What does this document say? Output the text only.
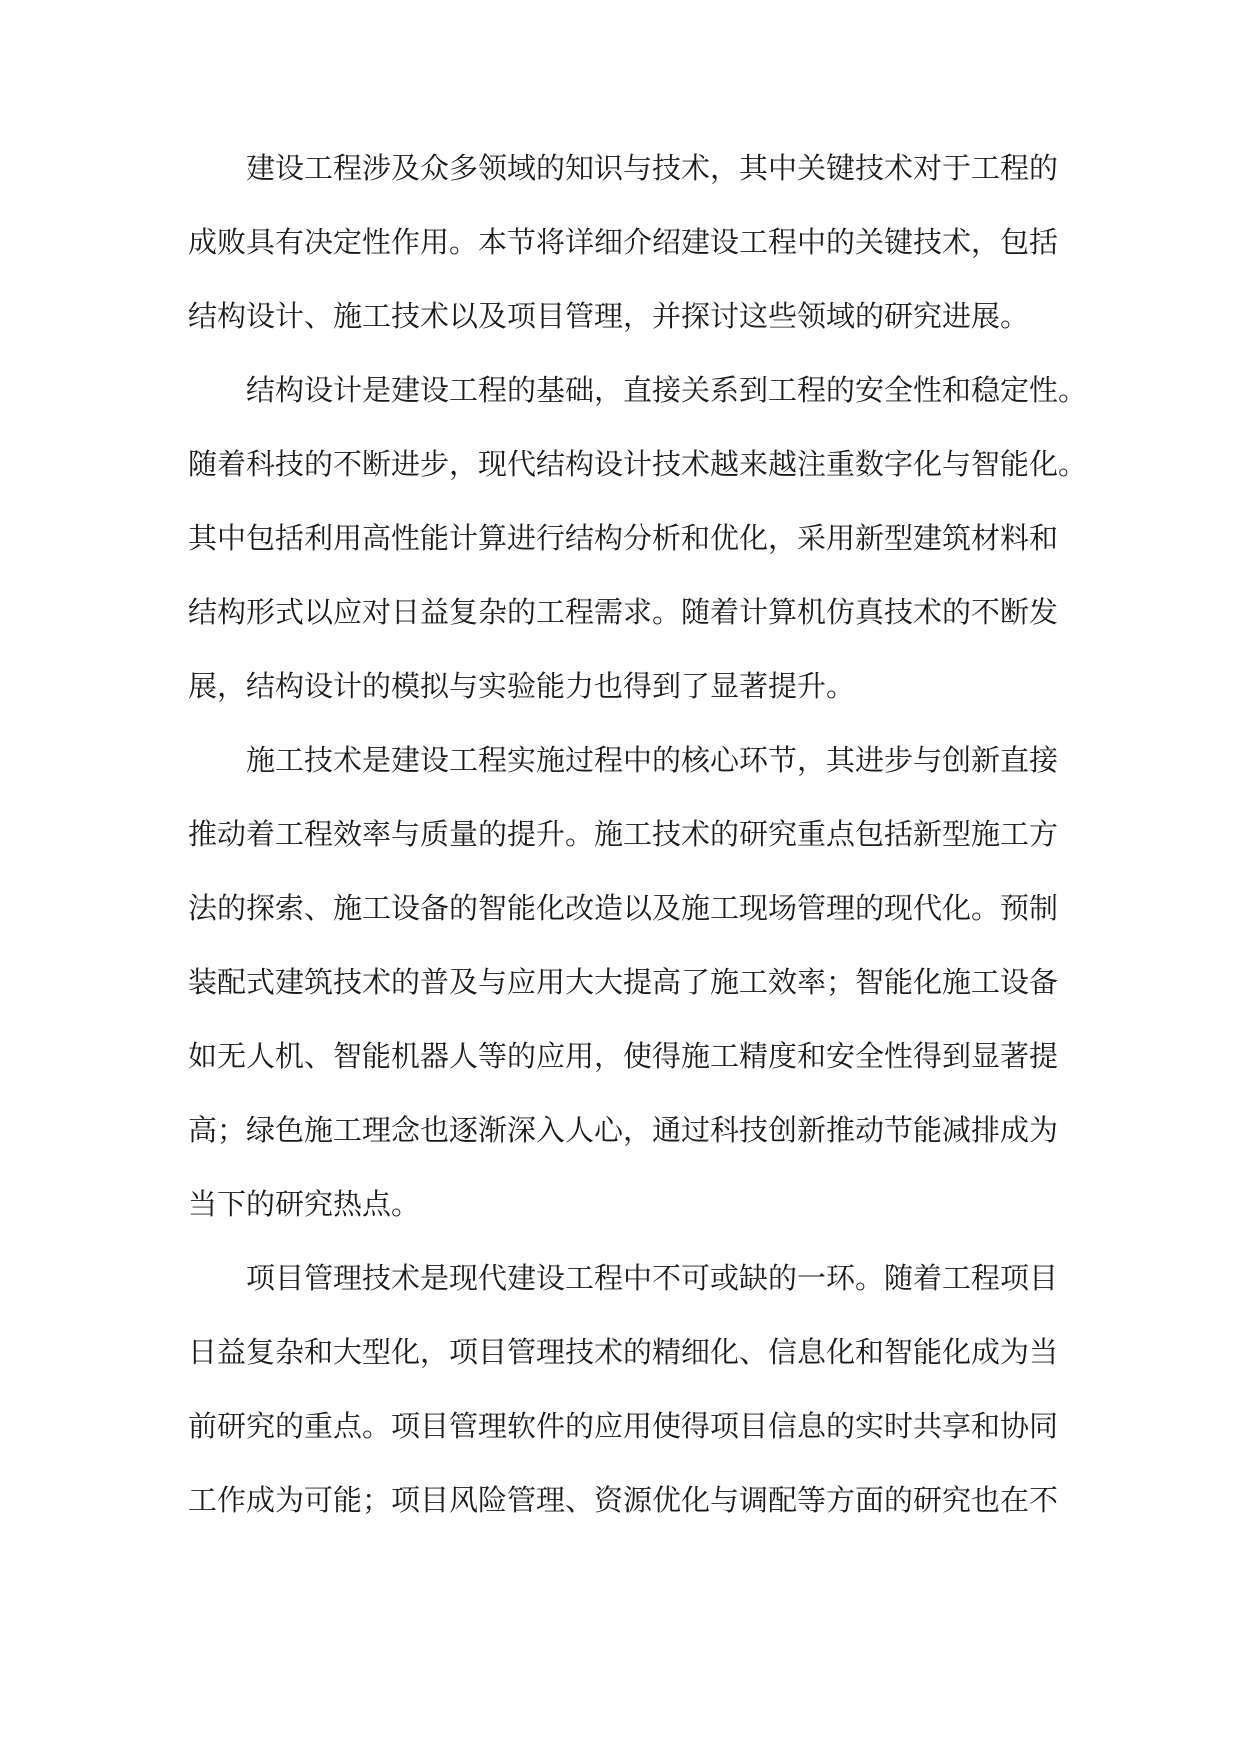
建设工程涉及众多领域的知识与技术，其中关键技术对于工程的
成败具有决定性作用。本节将详细介绍建设工程中的关键技术，包括
结构设计、施工技术以及项目管理，并探讨这些领域的研究进展。
结构设计是建设工程的基础，直接关系到工程的安全性和稳定性。
随着科技的不断进步，现代结构设计技术越来越注重数字化与智能化。
其中包括利用高性能计算进行结构分析和优化，采用新型建筑材料和
结构形式以应对日益复杂的工程需求。随着计算机仿真技术的不断发
展，结构设计的模拟与实验能力也得到了显著提升。
施工技术是建设工程实施过程中的核心环节，其进步与创新直接
推动着工程效率与质量的提升。施工技术的研究重点包括新型施工方
法的探索、施工设备的智能化改造以及施工现场管理的现代化。预制
装配式建筑技术的普及与应用大大提高了施工效率；智能化施工设备
如无人机、智能机器人等的应用，使得施工精度和安全性得到显著提
高；绿色施工理念也逐渐深入人心，通过科技创新推动节能减排成为
当下的研究热点。
项目管理技术是现代建设工程中不可或缺的一环。随着工程项目
日益复杂和大型化，项目管理技术的精细化、信息化和智能化成为当
前研究的重点。项目管理软件的应用使得项目信息的实时共享和协同
工作成为可能；项目风险管理、资源优化与调配等方面的研究也在不
